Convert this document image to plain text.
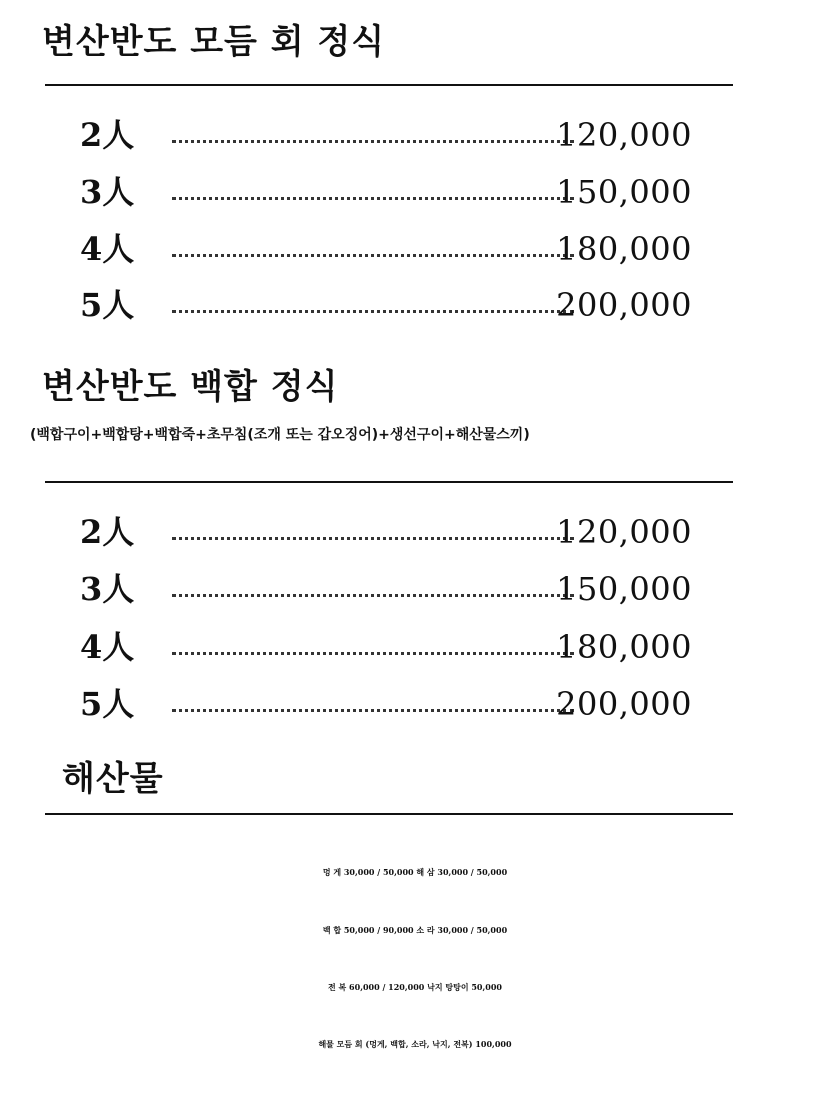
변산반도 모듬 회 정식
2人	120,000
3人	150,000
4人	180,000
5人	200,000
변산반도 백합 정식

(백합구이+백합탕+백합죽+초무침(조개 또는 갑오징어)+생선구이+해산물스끼)

2人	120,000
3人	150,000
4人	180,000
5人	200,000
해산물
멍 게 30,000 / 50,000 해 삼 30,000 / 50,000
백 합 50,000 / 90,000 소 라 30,000 / 50,000
전 복 60,000 / 120,000 낙지 탕탕이 50,000
해물 모듬 회 (멍게, 백합, 소라, 낙지, 전복) 100,000
